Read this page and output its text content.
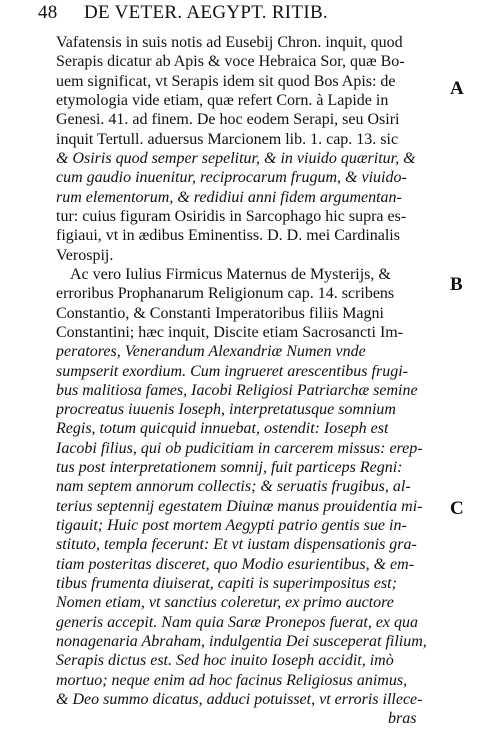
48 DE VETER. AEGYPT. RITIB.
A
B
C
Vafatensis in suis notis ad Eusebij Chron. inquit, quod
Serapis dicatur ab Apis & voce Hebraica Sor, quæ Bo-
uem significat, vt Serapis idem sit quod Bos Apis: de
etymologia vide etiam, quæ refert Corn. à Lapide in
Genesi. 41. ad finem. De hoc eodem Serapi, seu Osiri
inquit Tertull. aduersus Marcionem lib. 1. cap. 13. sic
& Osiris quod semper sepelitur, & in viuido quæritur, &
cum gaudio inuenitur, reciprocarum frugum, & viuido-
rum elementorum, & redidiui anni fidem argumentan-
tur: cuius figuram Osiridis in Sarcophago hic supra es-
figiaui, vt in ædibus Eminentiss. D. D. mei Cardinalis
Verospij.
Ac vero Iulius Firmicus Maternus de Mysterijs, &
erroribus Prophanarum Religionum cap. 14. scribens
Constantio, & Constanti Imperatoribus filiis Magni
Constantini; hæc inquit, Discite etiam Sacrosancti Im-
peratores, Venerandum Alexandriæ Numen vnde
sumpserit exordium. Cum ingrueret arescentibus frugi-
bus malitiosa fames, Iacobi Religiosi Patriarchæ semine
procreatus iuuenis Ioseph, interpretatusque somnium
Regis, totum quicquid innuebat, ostendit: Ioseph est
Iacobi filius, qui ob pudicitiam in carcerem missus: erep-
tus post interpretationem somnij, fuit particeps Regni:
nam septem annorum collectis; & seruatis frugibus, al-
terius septennij egestatem Diuinæ manus prouidentia mi-
tigauit; Huic post mortem Aegypti patrio gentis sue in-
stituto, templa fecerunt: Et vt iustam dispensationis gra-
tiam posteritas disceret, quo Modio esurientibus, & em-
tibus frumenta diuiserat, capiti is superimpositus est;
Nomen etiam, vt sanctius coleretur, ex primo auctore
generis accepit. Nam quia Saræ Pronepos fuerat, ex qua
nonagenaria Abraham, indulgentia Dei susceperat filium,
bras
Serapis dictus est. Sed hoc inuito Ioseph accidit, imò
mortuo; neque enim ad hoc facinus Religiosus animus,
& Deo summo dicatus, adduci potuisset, vt erroris illece-
